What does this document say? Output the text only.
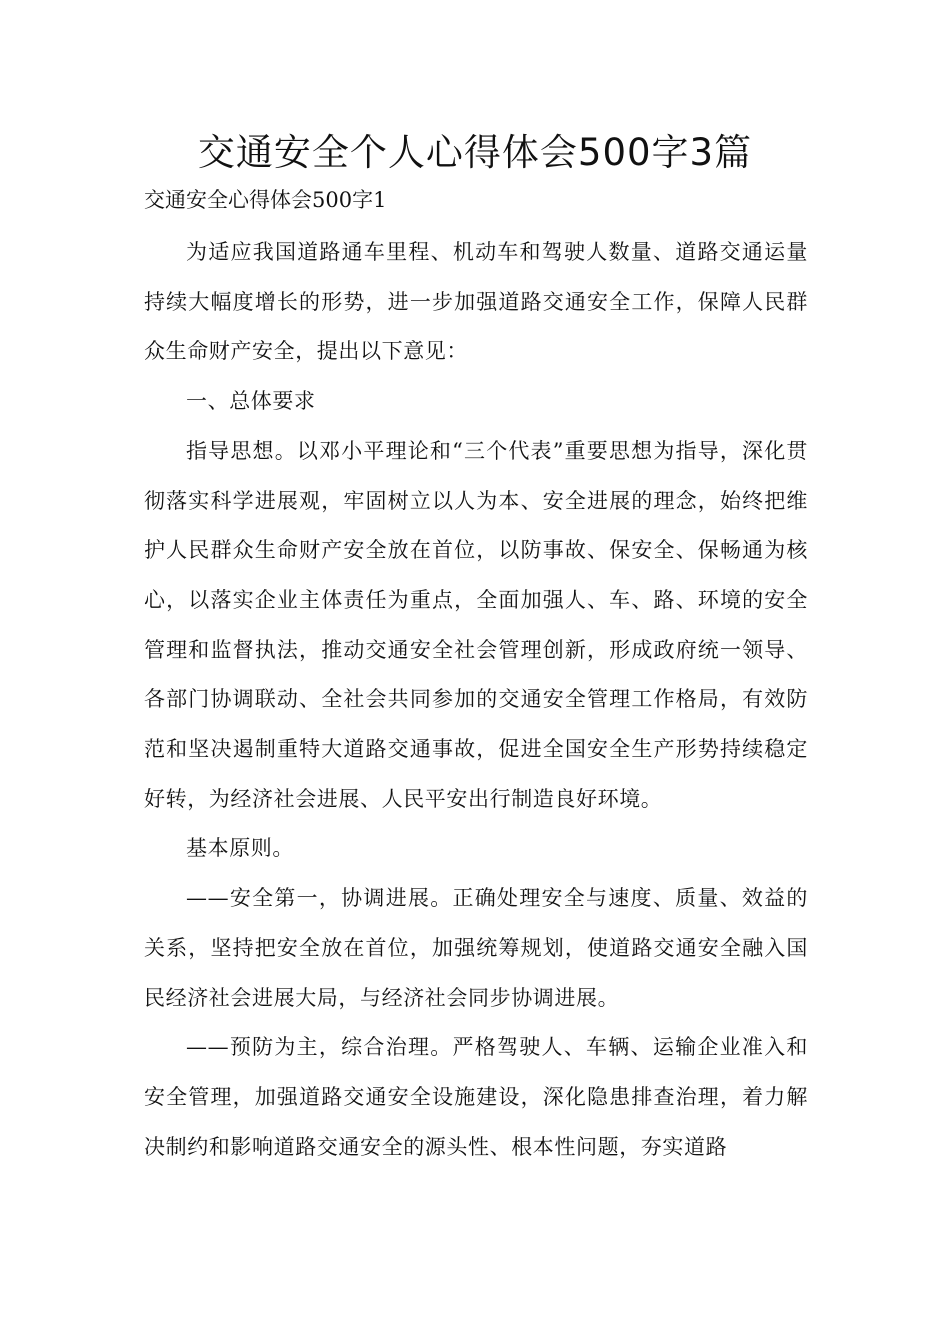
交通安全个人心得体会500字3篇

交通安全心得体会500字1

为适应我国道路通车里程、机动车和驾驶人数量、道路交通运量持续大幅度增长的形势，进一步加强道路交通安全工作，保障人民群众生命财产安全，提出以下意见：

一、总体要求

指导思想。以邓小平理论和“三个代表”重要思想为指导，深化贯彻落实科学进展观，牢固树立以人为本、安全进展的理念，始终把维护人民群众生命财产安全放在首位，以防事故、保安全、保畅通为核心，以落实企业主体责任为重点，全面加强人、车、路、环境的安全管理和监督执法，推动交通安全社会管理创新，形成政府统一领导、各部门协调联动、全社会共同参加的交通安全管理工作格局，有效防范和坚决遏制重特大道路交通事故，促进全国安全生产形势持续稳定好转，为经济社会进展、人民平安出行制造良好环境。

基本原则。

——安全第一，协调进展。正确处理安全与速度、质量、效益的关系，坚持把安全放在首位，加强统筹规划，使道路交通安全融入国民经济社会进展大局，与经济社会同步协调进展。

——预防为主，综合治理。严格驾驶人、车辆、运输企业准入和安全管理，加强道路交通安全设施建设，深化隐患排查治理，着力解决制约和影响道路交通安全的源头性、根本性问题，夯实道路
